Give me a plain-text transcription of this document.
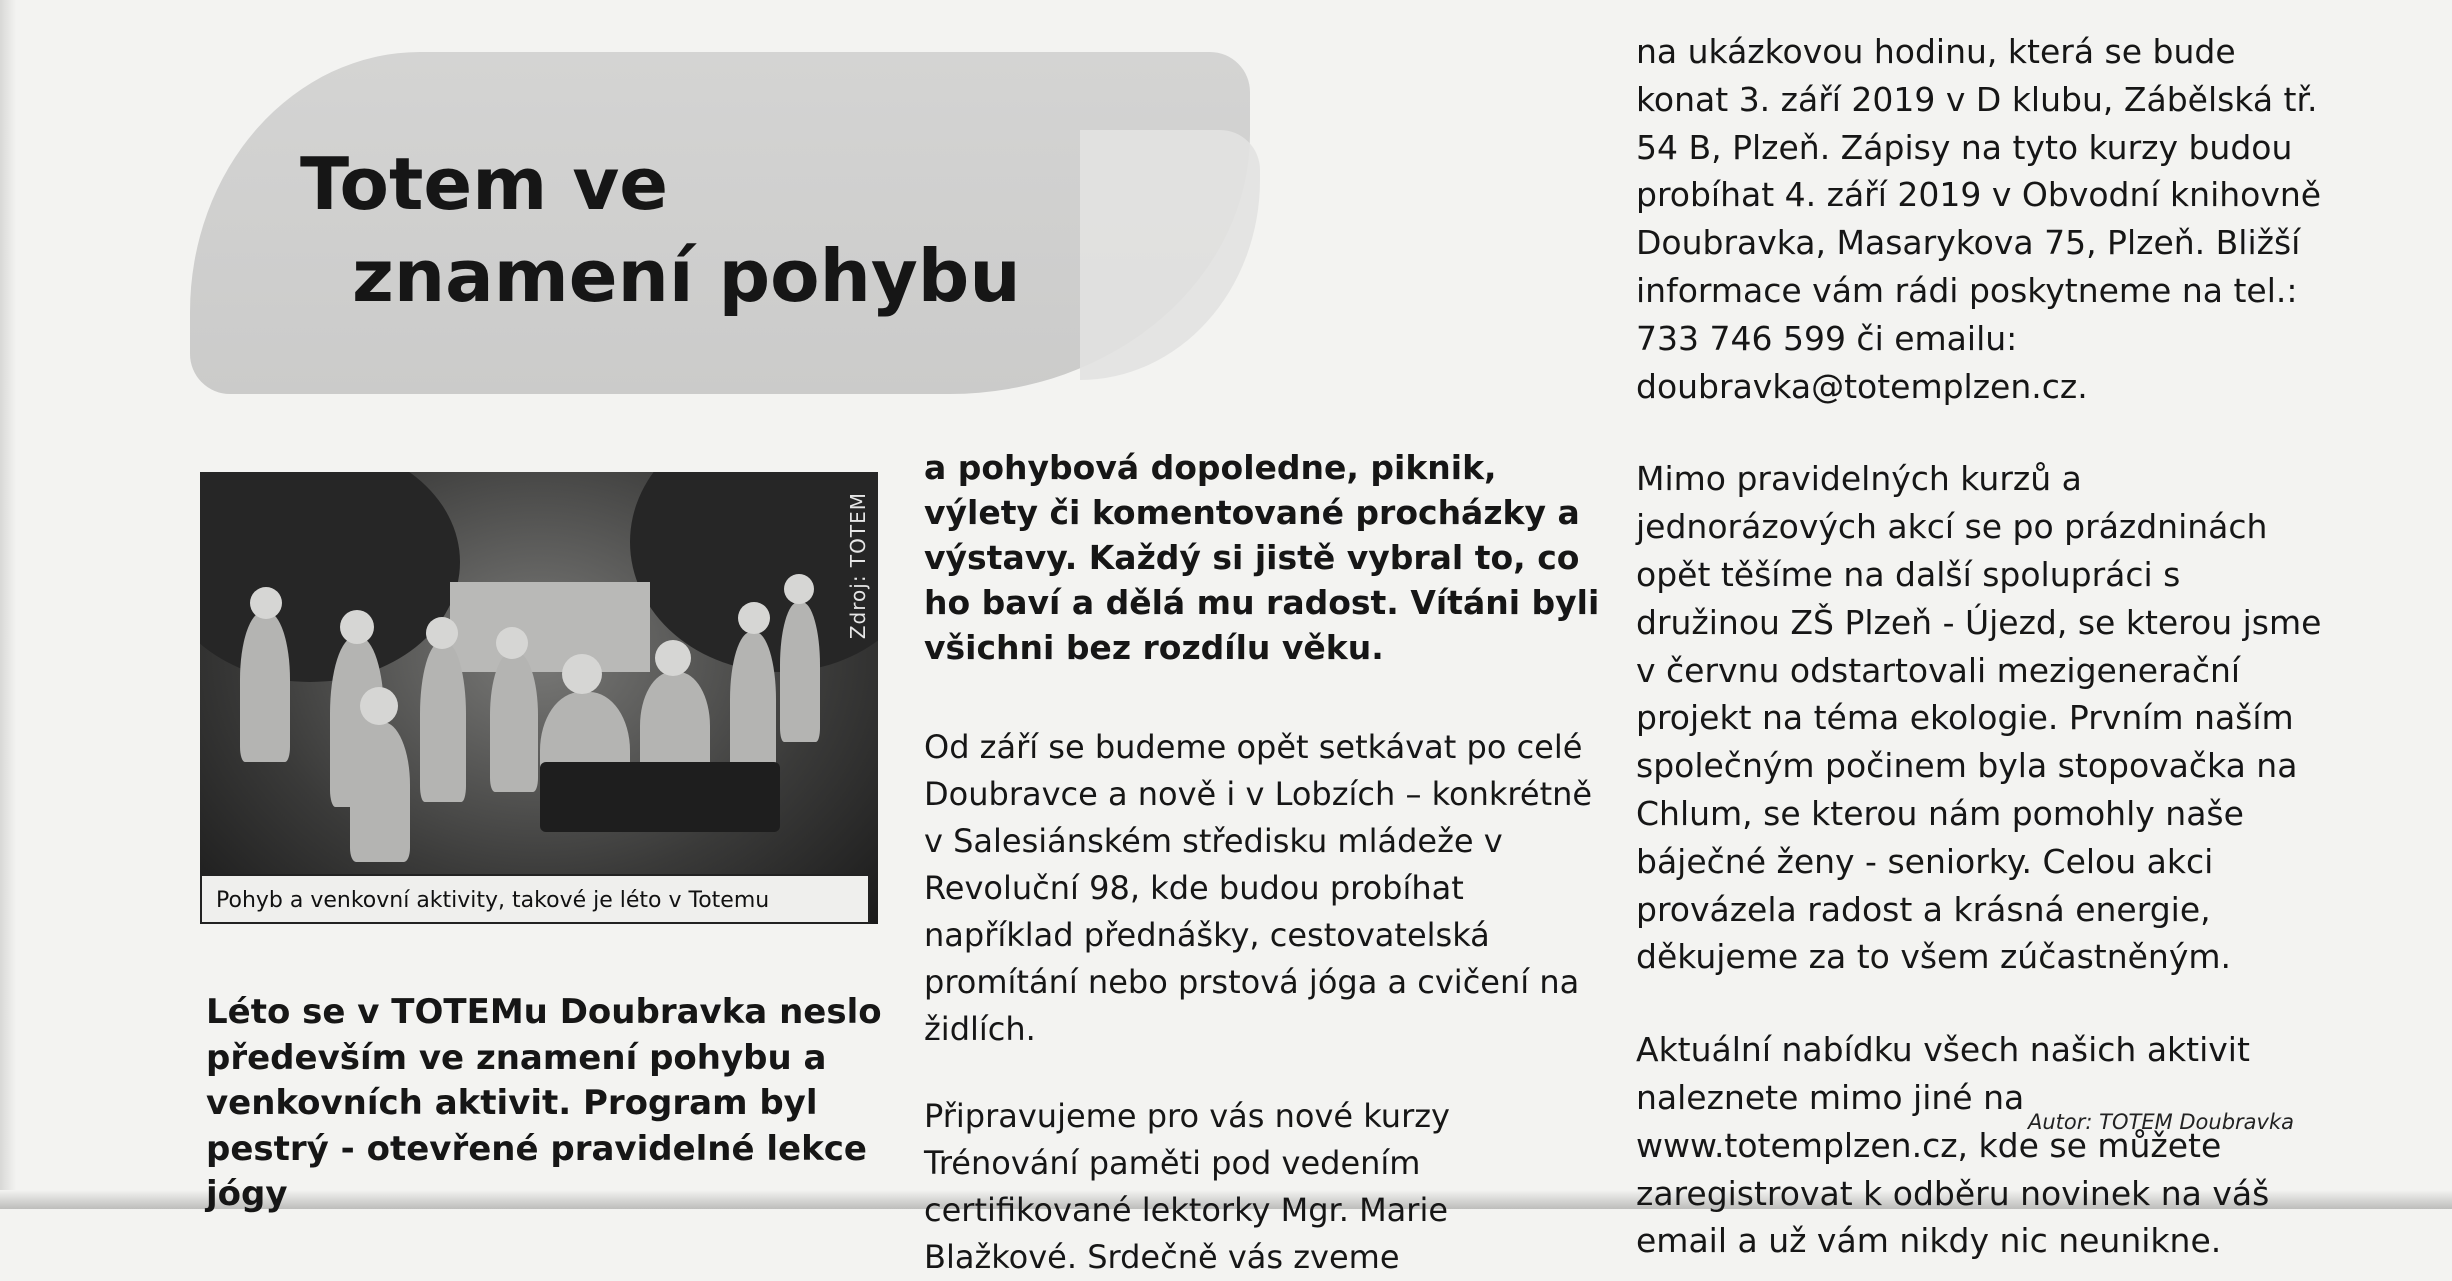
Totem ve
znamení pohybu
Zdroj: TOTEM
Pohyb a venkovní aktivity, takové je léto v Totemu

Léto se v TOTEMu Doubravka neslo především ve znamení pohybu a venkovních aktivit. Program byl pestrý - otevřené pravidelné lekce jógy

a pohybová dopoledne, piknik, výlety či komentované procházky a výstavy. Každý si jistě vybral to, co ho baví a dělá mu radost. Vítáni byli všichni bez rozdílu věku.

Od září se budeme opět setkávat po celé Doubravce a nově i v Lobzích – konkrétně v Salesiánském středisku mládeže v Revoluční 98, kde budou probíhat například přednášky, cestovatelská promítání nebo prstová jóga a cvičení na židlích.

Připravujeme pro vás nové kurzy Trénování paměti pod vedením certifikované lektorky Mgr. Marie Blažkové. Srdečně vás zveme

na ukázkovou hodinu, která se bude konat 3. září 2019 v D klubu, Zábělská tř. 54 B, Plzeň. Zápisy na tyto kurzy budou probíhat 4. září 2019 v Obvodní knihovně Doubravka, Masarykova 75, Plzeň. Bližší informace vám rádi poskytneme na tel.: 733 746 599 či emailu: doubravka@totemplzen.cz.

Mimo pravidelných kurzů a jednorázových akcí se po prázdninách opět těšíme na další spolupráci s družinou ZŠ Plzeň - Újezd, se kterou jsme v červnu odstartovali mezigenerační projekt na téma ekologie. Prvním naším společným počinem byla stopovačka na Chlum, se kterou nám pomohly naše báječné ženy - seniorky. Celou akci provázela radost a krásná energie, děkujeme za to všem zúčastněným.

Aktuální nabídku všech našich aktivit naleznete mimo jiné na www.totemplzen.cz, kde se můžete zaregistrovat k odběru novinek na váš email a už vám nikdy nic neunikne.

Autor: TOTEM Doubravka
